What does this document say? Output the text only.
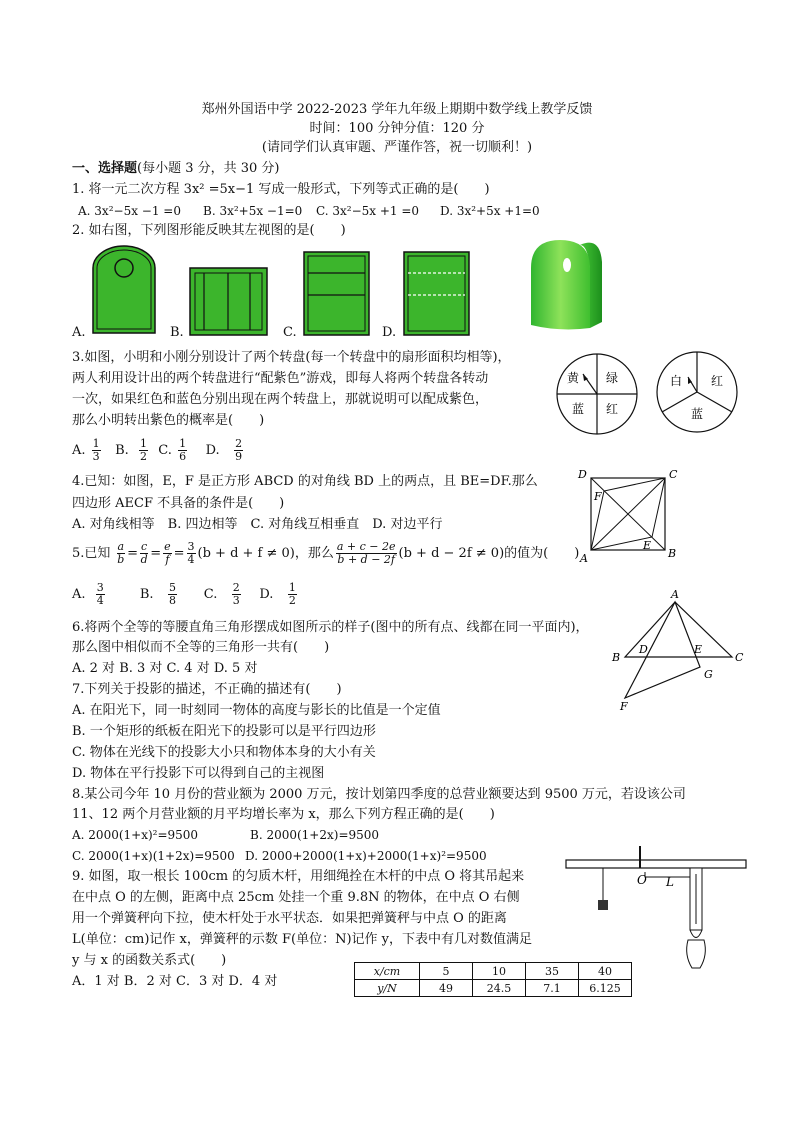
郑州外国语中学 2022-2023 学年九年级上期期中数学线上教学反馈
时间：100 分钟分值：120 分
(请同学们认真审题、严谨作答，祝一切顺利！)
一、选择题(每小题 3 分，共 30 分)
1. 将一元二次方程 3x² =5x−1 写成一般形式，下列等式正确的是(　　)
A. 3x²−5x −1 =0 B. 3x²+5x −1=0 C. 3x²−5x +1 =0 D. 3x²+5x +1=0
2. 如右图，下列图形能反映其左视图的是(　　)
A.	B.	C.	D.
黄 绿
蓝 红
白 红
蓝
D	C
F
E
A	B
A
B
D	E
C
G
F
O L
3.如图，小明和小刚分别设计了两个转盘(每一个转盘中的扇形面积均相等)，
两人利用设计出的两个转盘进行“配紫色”游戏，即每人将两个转盘各转动
一次，如果红色和蓝色分别出现在两个转盘上，那就说明可以配成紫色，
那么小明转出紫色的概率是(　　)
A. $\frac{1}{3} B$. $\frac{1}{2} C$. $\frac{1}{6} D$. $\frac{2}{9}$
4.已知：如图，E，F 是正方形 ABCD 的对角线 BD 上的两点，且 BE=DF.那么
四边形 AECF 不具备的条件是(　　)
A. 对角线相等　B. 四边相等　C. 对角线互相垂直　D. 对边平行
5.已知 $\frac{a}{b} = \frac{c}{d} = \frac{e}{f} = \frac{3}{4} (b + d + f \ne 0)$，那么 $\frac{a + c - 2e}{b + d - 2f} (b + d - 2f \ne 0)$的值为(　　)
A. $\frac{3}{4}$	B. $\frac{5}{8} C$. $\frac{2}{3} D$. $\frac{1}{2}$
6.将两个全等的等腰直角三角形摆成如图所示的样子(图中的所有点、线都在同一平面内)，
那么图中相似而不全等的三角形一共有(　　)
A. 2 对 B. 3 对 C. 4 对 D. 5 对
7.下列关于投影的描述，不正确的描述有(　　)
A. 在阳光下，同一时刻同一物体的高度与影长的比值是一个定值
B. 一个矩形的纸板在阳光下的投影可以是平行四边形
C. 物体在光线下的投影大小只和物体本身的大小有关
D. 物体在平行投影下可以得到自己的主视图
8.某公司今年 10 月份的营业额为 2000 万元，按计划第四季度的总营业额要达到 9500 万元，若设该公司
11、12 两个月营业额的月平均增长率为 x，那么下列方程正确的是(　　)
A. 2000(1+x)²=9500	B. 2000(1+2x)=9500
C. 2000(1+x)(1+2x)=9500 D. 2000+2000(1+x)+2000(1+x)²=9500
9. 如图，取一根长 100cm 的匀质木杆，用细绳拴在木杆的中点 O 将其吊起来
在中点 O 的左侧，距离中点 25cm 处挂一个重 9.8N 的物体，在中点 O 右侧
用一个弹簧秤向下拉，使木杆处于水平状态．如果把弹簧秤与中点 O 的距离
L(单位：cm)记作 x，弹簧秤的示数 F(单位：N)记作 y，下表中有几对数值满足
y 与 x 的函数关系式(　　)
A．1 对 B．2 对 C．3 对 D．4 对
x/cm	5	10	35	40
y/N	49	24.5	7.1	6.125
